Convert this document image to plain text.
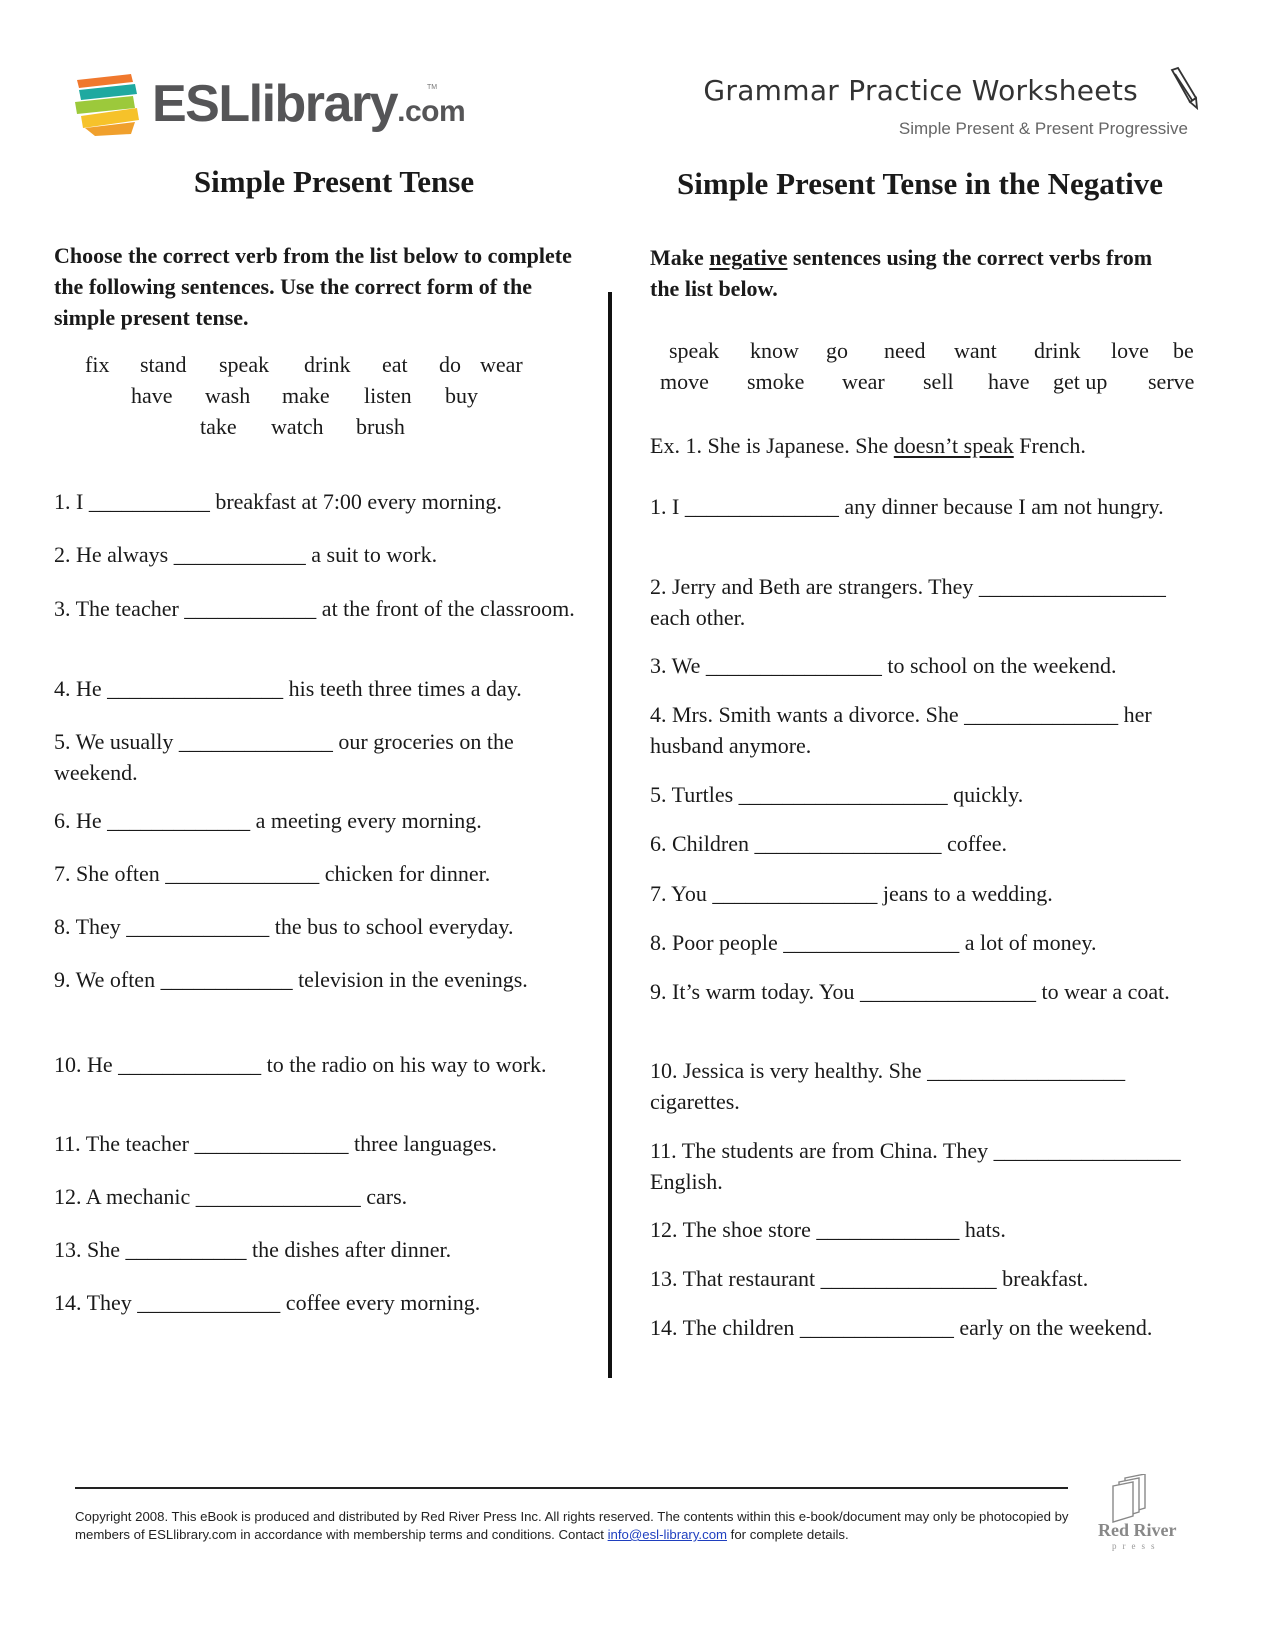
ESLlibrary.com
TM	Grammar Practice Worksheets
Simple Present & Present Progressive
Simple Present Tense

Choose the correct verb from the list below to complete the following sentences. Use the correct form of the simple present tense.

fix stand speak drink eat do wear
have wash make listen buy
take watch brush

1. I ___________ breakfast at 7:00 every morning.

2. He always ____________ a suit to work.

3. The teacher ____________ at the front of the classroom.

4. He ________________ his teeth three times a day.

5. We usually ______________ our groceries on the weekend.

6. He _____________ a meeting every morning.

7. She often ______________ chicken for dinner.

8. They _____________ the bus to school everyday.

9. We often ____________ television in the evenings.

10. He _____________ to the radio on his way to work.

11. The teacher ______________ three languages.

12. A mechanic _______________ cars.

13. She ___________ the dishes after dinner.

14. They _____________ coffee every morning.

Simple Present Tense in the Negative

Make negative sentences using the correct verbs from the list below.

speak know go need want drink love be
move smoke wear sell have get up serve

Ex. 1. She is Japanese. She doesn’t speak French.

1. I ______________ any dinner because I am not hungry.

2. Jerry and Beth are strangers. They _________________ each other.

3. We ________________ to school on the weekend.

4. Mrs. Smith wants a divorce. She ______________ her husband anymore.

5. Turtles ___________________ quickly.

6. Children _________________ coffee.

7. You _______________ jeans to a wedding.

8. Poor people ________________ a lot of money.

9. It’s warm today. You ________________ to wear a coat.

10. Jessica is very healthy. She __________________ cigarettes.

11. The students are from China. They _________________ English.

12. The shoe store _____________ hats.

13. That restaurant ________________ breakfast.

14. The children ______________ early on the weekend.

Copyright 2008. This eBook is produced and distributed by Red River Press Inc. All rights reserved. The contents within this e-book/document may only be photocopied by members of ESLlibrary.com in accordance with membership terms and conditions. Contact info@esl-library.com for complete details.	Red River
press
